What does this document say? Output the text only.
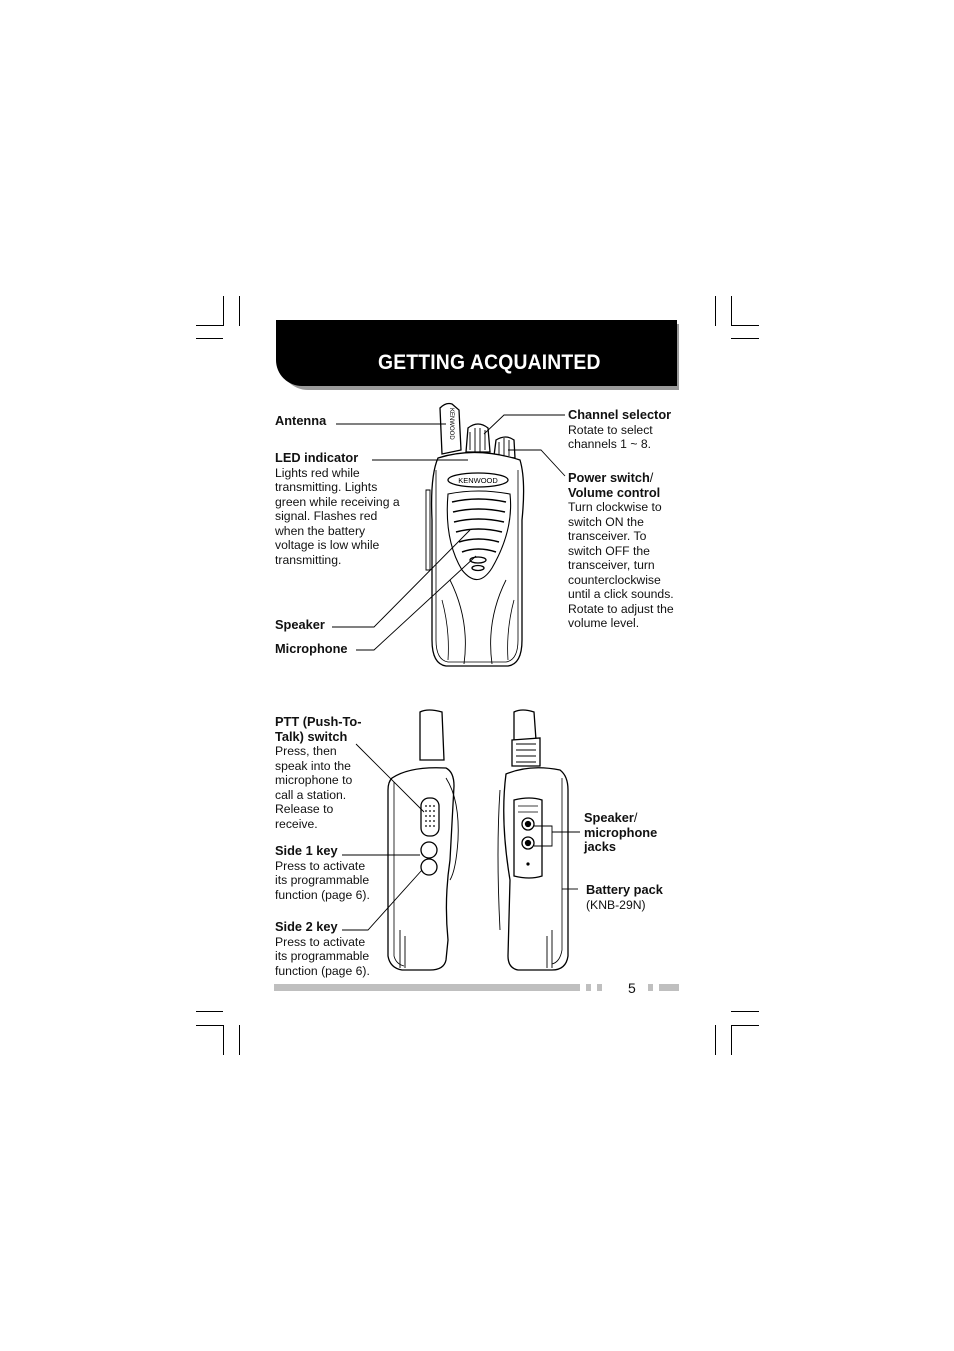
GETTING ACQUAINTED
KENWOOD
KENWOOD
Antenna
LED indicator
Lights red while transmitting. Lights green while receiving a signal. Flashes red when the battery voltage is low while transmitting.
Speaker
Microphone
Channel selector
Rotate to select channels 1 ~ 8.
Power switch/
Volume control
Turn clockwise to switch ON the transceiver. To switch OFF the transceiver, turn counterclockwise until a click sounds. Rotate to adjust the volume level.
PTT (Push-To-Talk) switch
Press, then speak into the microphone to call a station. Release to receive.
Side 1 key
Press to activate its programmable function (page 6).
Side 2 key
Press to activate its programmable function (page 6).
Speaker/
microphone jacks
Battery pack
(KNB-29N)
5
